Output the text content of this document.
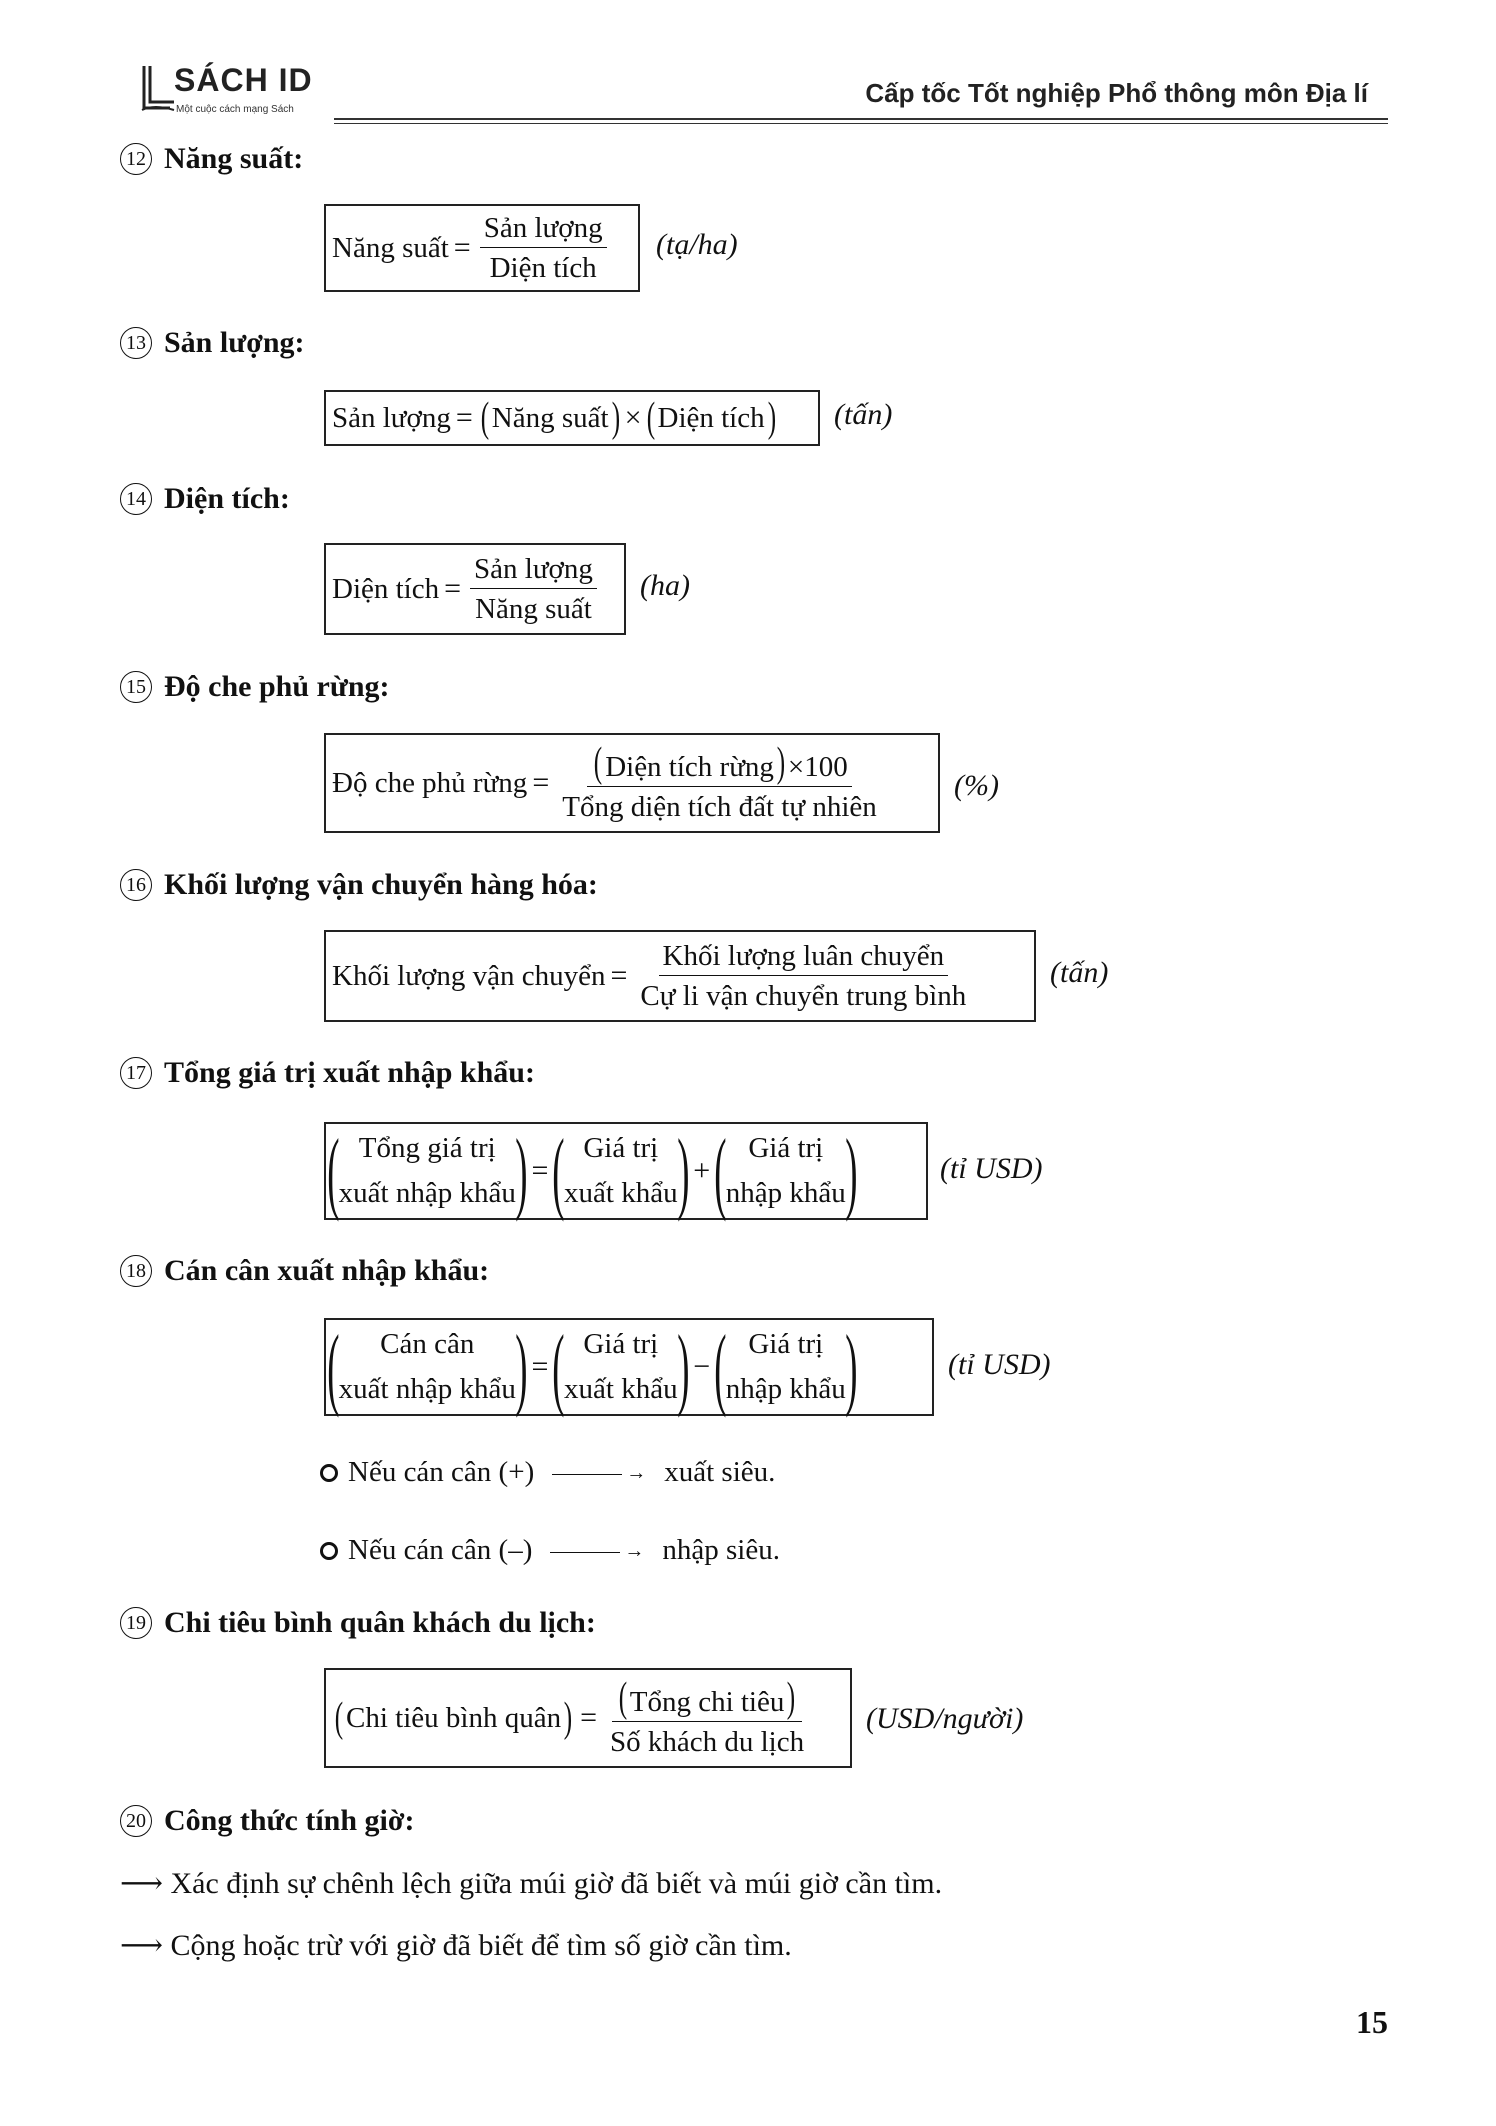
SÁCH ID
Một cuộc cách mạng Sách
Cấp tốc Tốt nghiệp Phổ thông môn Địa lí
12 Năng suất:
Năng suất = $\frac{\text{Sản lượng}}{\text{Diện tích}}$ (tạ/ha)
13 Sản lượng:
Sản lượng = ( Năng suất ) × ( Diện tích ) (tấn)
14 Diện tích:
Diện tích = $\frac{\text{Sản lượng}}{\text{Năng suất}} (ha)$
15 Độ che phủ rừng:
Độ che phủ rừng = $\frac{\text{(Diện tích rừng)×100}}{\text{Tổng diện tích đất tự nhiên}}$ (%)
16 Khối lượng vận chuyển hàng hóa:
Khối lượng vận chuyển = $\frac{\text{Khối lượng luân chuyển}}{\text{Cự li vận chuyển trung bình}}$	(tấn)
17 Tổng giá trị xuất nhập khẩu:
( Tổng giá trị
xuất nhập khẩu ) = ( Giá trị
xuất khẩu ) + ( Giá trị
nhập khẩu )	(tỉ USD)
18 Cán cân xuất nhập khẩu:
( Cán cân
xuất nhập khẩu ) = ( Giá trị
xuất khẩu ) − ( Giá trị
nhập khẩu )	(tỉ USD)
Nếu cán cân (+)	→ xuất siêu.
Nếu cán cân (–)	→ nhập siêu.
19 Chi tiêu bình quân khách du lịch:
( Chi tiêu bình quân ) = $\frac{\text{(Tổng chi tiêu)}}{\text{Số khách du lịch}}$ (USD/người)
20 Công thức tính giờ:
⟶ Xác định sự chênh lệch giữa múi giờ đã biết và múi giờ cần tìm.
⟶ Cộng hoặc trừ với giờ đã biết để tìm số giờ cần tìm.
15
